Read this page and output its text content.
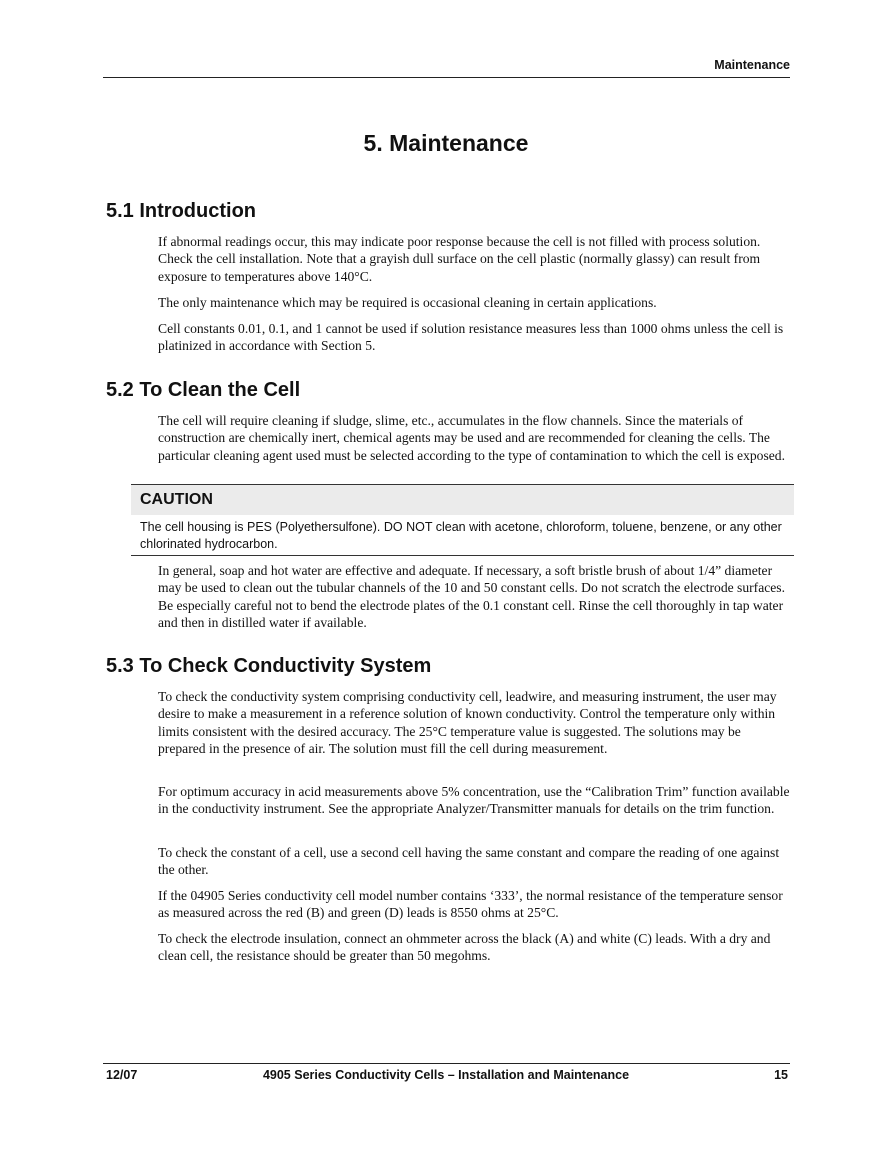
Maintenance
5. Maintenance
5.1 Introduction

If abnormal readings occur, this may indicate poor response because the cell is not filled with process solution. Check the cell installation. Note that a grayish dull surface on the cell plastic (normally glassy) can result from exposure to temperatures above 140°C.

The only maintenance which may be required is occasional cleaning in certain applications.

Cell constants 0.01, 0.1, and 1 cannot be used if solution resistance measures less than 1000 ohms unless the cell is platinized in accordance with Section 5.

5.2 To Clean the Cell

The cell will require cleaning if sludge, slime, etc., accumulates in the flow channels. Since the materials of construction are chemically inert, chemical agents may be used and are recommended for cleaning the cells. The particular cleaning agent used must be selected according to the type of contamination to which the cell is exposed.

CAUTION

The cell housing is PES (Polyethersulfone). DO NOT clean with acetone, chloroform, toluene, benzene, or any other chlorinated hydrocarbon.

In general, soap and hot water are effective and adequate. If necessary, a soft bristle brush of about 1/4” diameter may be used to clean out the tubular channels of the 10 and 50 constant cells. Do not scratch the electrode surfaces. Be especially careful not to bend the electrode plates of the 0.1 constant cell. Rinse the cell thoroughly in tap water and then in distilled water if available.

5.3 To Check Conductivity System

To check the conductivity system comprising conductivity cell, leadwire, and measuring instrument, the user may desire to make a measurement in a reference solution of known conductivity. Control the temperature only within limits consistent with the desired accuracy. The 25°C temperature value is suggested. The solutions may be prepared in the presence of air. The solution must fill the cell during measurement.

For optimum accuracy in acid measurements above 5% concentration, use the “Calibration Trim” function available in the conductivity instrument. See the appropriate Analyzer/Transmitter manuals for details on the trim function.

To check the constant of a cell, use a second cell having the same constant and compare the reading of one against the other.

If the 04905 Series conductivity cell model number contains ‘333’, the normal resistance of the temperature sensor as measured across the red (B) and green (D) leads is 8550 ohms at 25°C.

To check the electrode insulation, connect an ohmmeter across the black (A) and white (C) leads. With a dry and clean cell, the resistance should be greater than 50 megohms.

12/07	4905 Series Conductivity Cells – Installation and Maintenance	15
